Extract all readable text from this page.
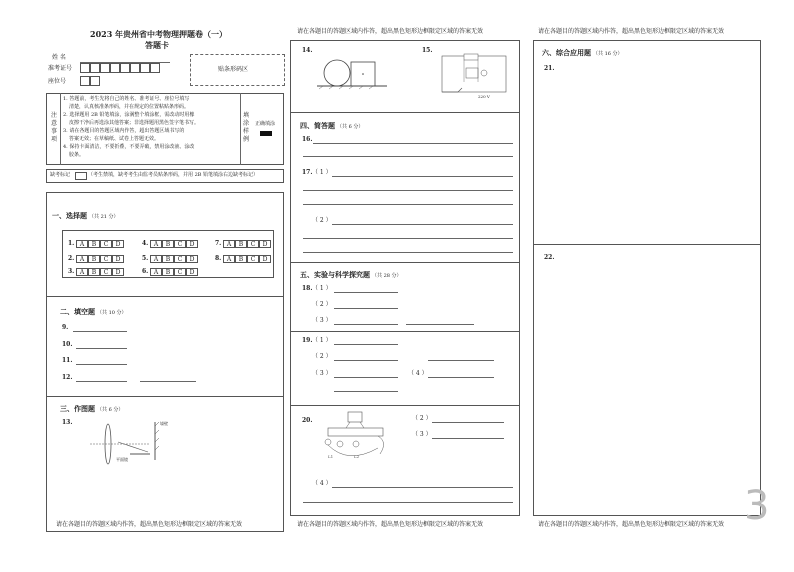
2023 年贵州省中考物理押题卷（一）
答题卡
姓 名
准考证号
座位号
贴条形码区
注意事项
1. 答题前，考生先将自己的姓名、准考证号、座位号填写
清楚，认真核准条形码，并在规定的位置粘贴条形码。
2. 选择题用 2B 铅笔填涂，涂满整个填涂框，需改动时用橡
皮擦干净后再选涂其他答案；非选择题用黑色签字笔书写。
3. 请在各题目的答题区域内作答，超出答题区域书写的
答案无效；在草稿纸、试卷上答题无效。
4. 保持卡面清洁，不要折叠，不要弄破，禁用涂改液、涂改
胶条。
填涂样例
正确填涂
缺考标记	（考生禁填，缺考考生由监考员贴条形码，并用 2B 铅笔填涂右边缺考标记）
一、选择题 （共 21 分）
1. A	B	C	D	4. A	B	C	D	7. A	B	C	D
2. A	B	C	D	5. A	B	C	D	8. A	B	C	D
3. A	B	C	D	6. A	B	C	D
二、填空题 （共 10 分）
9.
10.
11.
12.
三、作图题 （共 6 分）
13.	墙壁
平面镜
请在各题目的答题区域内作答，超出黑色矩形边框限定区域的答案无效
请在各题目的答题区域内作答，超出黑色矩形边框限定区域的答案无效
14.	15.
220 V
四、简答题 （共 6 分）
16.
17. （ 1 ）
（ 2 ）
五、实验与科学探究题 （共 28 分）
18. （ 1 ）
（ 2 ）
（ 3 ）
19. （ 1 ）
（ 2 ）
（ 3 ）	（ 4 ）
20.
L1	L2
（ 2 ）
（ 3 ）
（ 4 ）
请在各题目的答题区域内作答，超出黑色矩形边框限定区域的答案无效
请在各题目的答题区域内作答，超出黑色矩形边框限定区域的答案无效
六、综合应用题 （共 16 分）
21.
22.
请在各题目的答题区域内作答，超出黑色矩形边框限定区域的答案无效 3
